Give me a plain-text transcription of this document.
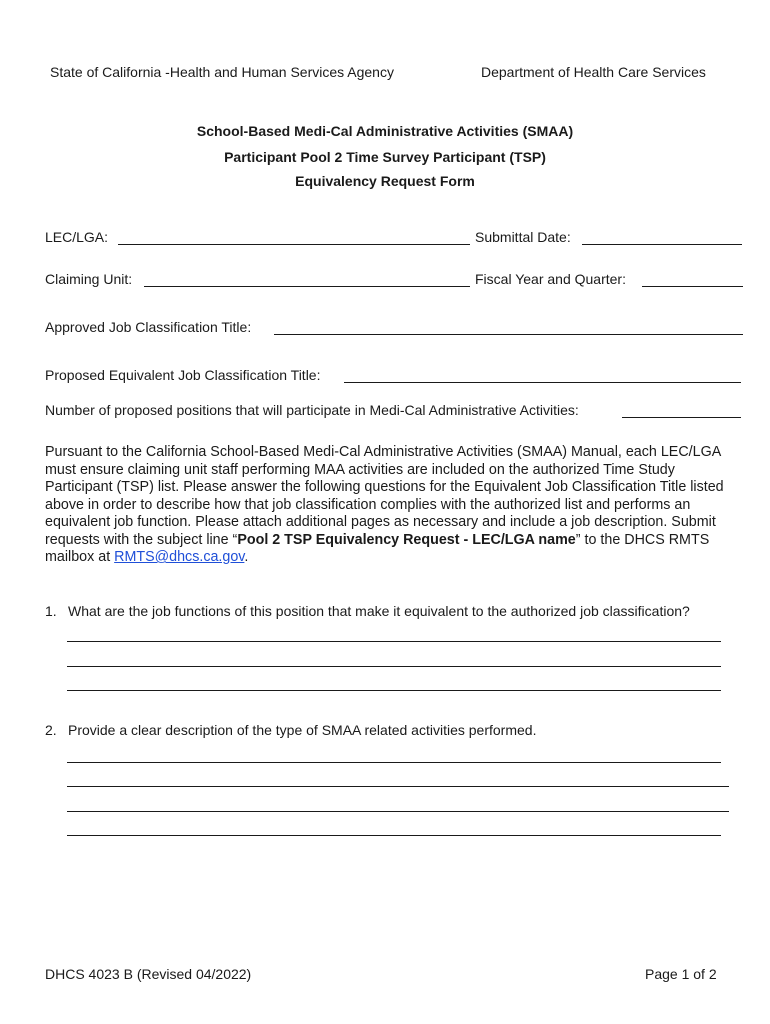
State of California -Health and Human Services Agency	Department of Health Care Services
School-Based Medi-Cal Administrative Activities (SMAA)
Participant Pool 2 Time Survey Participant (TSP)
Equivalency Request Form
LEC/LGA:	Submittal Date:
Claiming Unit:	Fiscal Year and Quarter:
Approved Job Classification Title:
Proposed Equivalent Job Classification Title:
Number of proposed positions that will participate in Medi-Cal Administrative Activities:
Pursuant to the California School-Based Medi-Cal Administrative Activities (SMAA) Manual, each LEC/LGA must ensure claiming unit staff performing MAA activities are included on the authorized Time Study Participant (TSP) list. Please answer the following questions for the Equivalent Job Classification Title listed above in order to describe how that job classification complies with the authorized list and performs an equivalent job function. Please attach additional pages as necessary and include a job description. Submit requests with the subject line “Pool 2 TSP Equivalency Request - LEC/LGA name” to the DHCS RMTS mailbox at RMTS@dhcs.ca.gov.
1. What are the job functions of this position that make it equivalent to the authorized job classification?
2. Provide a clear description of the type of SMAA related activities performed.
DHCS 4023 B (Revised 04/2022)	Page 1 of 2
